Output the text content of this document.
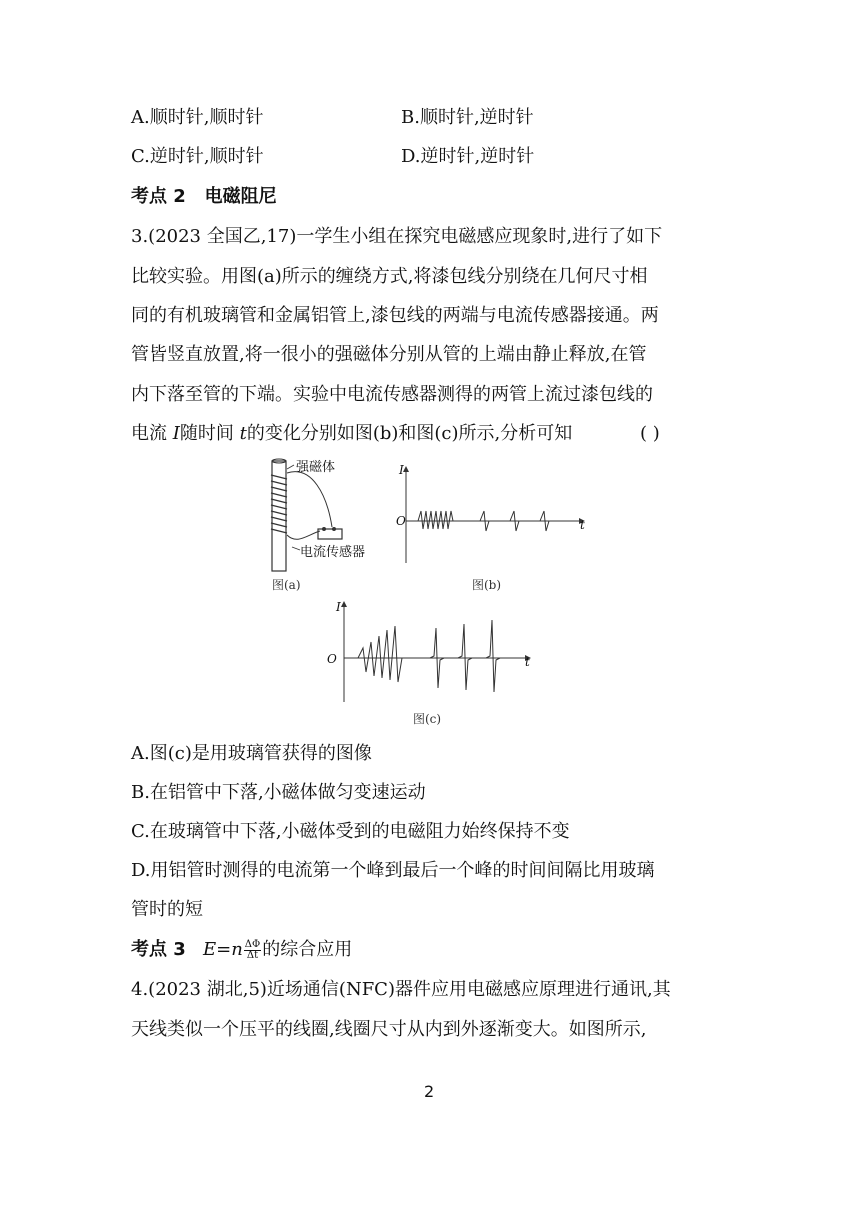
A.顺时针,顺时针	B.顺时针,逆时针
C.逆时针,顺时针	D.逆时针,逆时针
考点 2 电磁阻尼
3.(2023 全国乙,17)一学生小组在探究电磁感应现象时,进行了如下
比较实验。用图(a)所示的缠绕方式,将漆包线分别绕在几何尺寸相
同的有机玻璃管和金属铝管上,漆包线的两端与电流传感器接通。两
管皆竖直放置,将一很小的强磁体分别从管的上端由静止释放,在管
内下落至管的下端。实验中电流传感器测得的两管上流过漆包线的
电流 I随时间 t的变化分别如图(b)和图(c)所示,分析可知	( )
强磁体
电流传感器
图(a)
I
O	t
图(b)
I
O	t
图(c)
A.图(c)是用玻璃管获得的图像
B.在铝管中下落,小磁体做匀变速运动
C.在玻璃管中下落,小磁体受到的电磁阻力始终保持不变
D.用铝管时测得的电流第一个峰到最后一个峰的时间间隔比用玻璃
管时的短
考点 3 $E=n \frac{\Delta\Phi}{\Delta t}$ 的综合应用
4.(2023 湖北,5)近场通信(NFC)器件应用电磁感应原理进行通讯,其
天线类似一个压平的线圈,线圈尺寸从内到外逐渐变大。如图所示,
2
